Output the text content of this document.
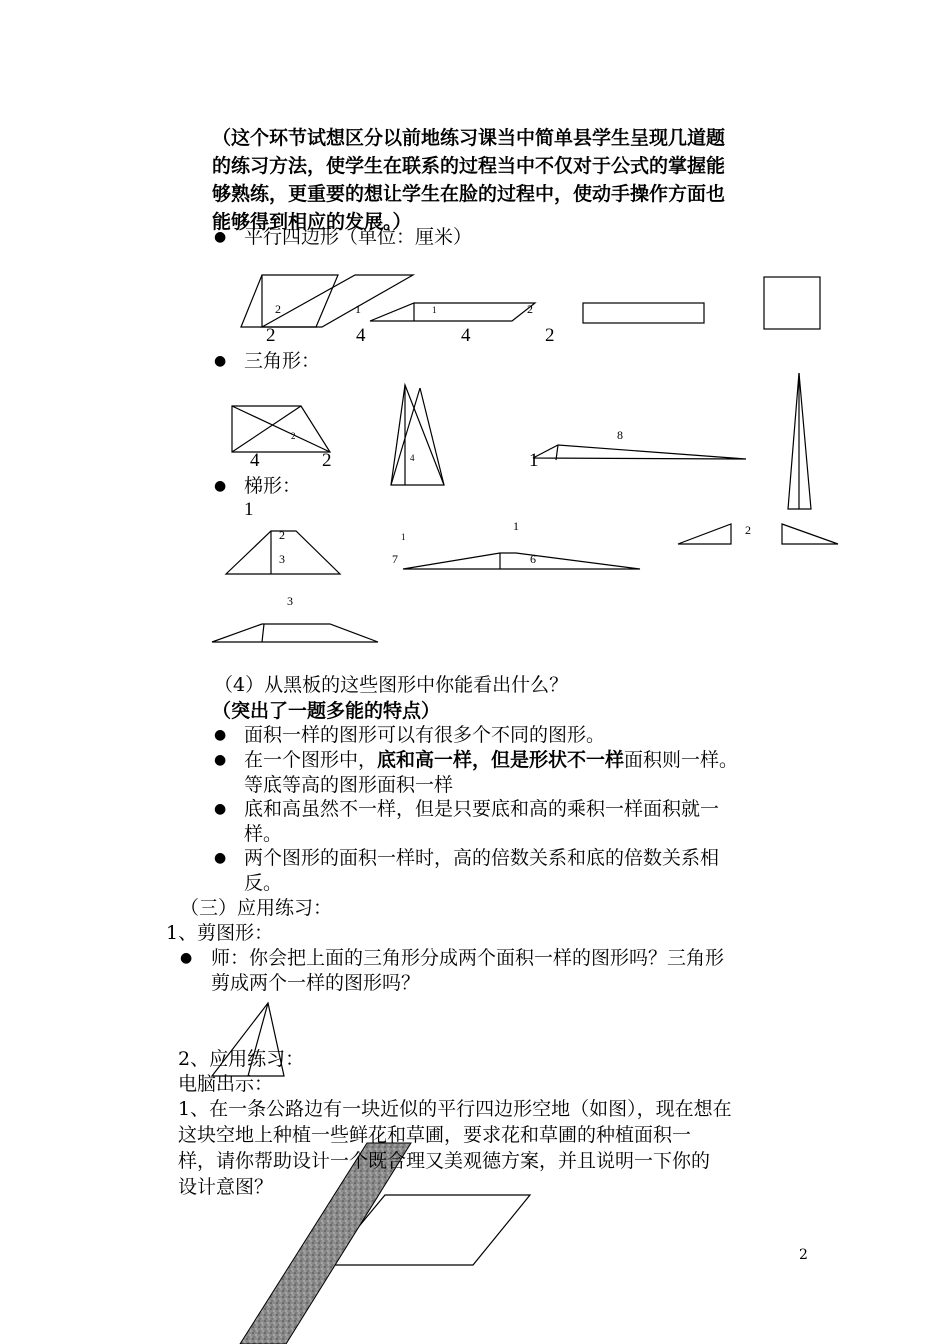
（这个环节试想区分以前地练习课当中简单县学生呈现几道题
的练习方法，使学生在联系的过程当中不仅对于公式的掌握能
够熟练，更重要的想让学生在脸的过程中，使动手操作方面也
能够得到相应的发展。）
● 平行四边形（单位：厘米）
● 三角形：
● 梯形：
2	1	1	2
2	4	4	2
2
4	2	4
8
1
1
2
3
1
1
7	6
2
3
（4）从黑板的这些图形中你能看出什么？
（突出了一题多能的特点）
● 面积一样的图形可以有很多个不同的图形。
● 在一个图形中，底和高一样，但是形状不一样面积则一样。
等底等高的图形面积一样
● 底和高虽然不一样，但是只要底和高的乘积一样面积就一
样。
● 两个图形的面积一样时，高的倍数关系和底的倍数关系相
反。
（三）应用练习：
1、剪图形：
● 师：你会把上面的三角形分成两个面积一样的图形吗？三角形
剪成两个一样的图形吗？
2、应用练习：
电脑出示：
1、在一条公路边有一块近似的平行四边形空地（如图），现在想在
这块空地上种植一些鲜花和草圃，要求花和草圃的种植面积一
样，请你帮助设计一个既合理又美观德方案，并且说明一下你的
设计意图？
2
